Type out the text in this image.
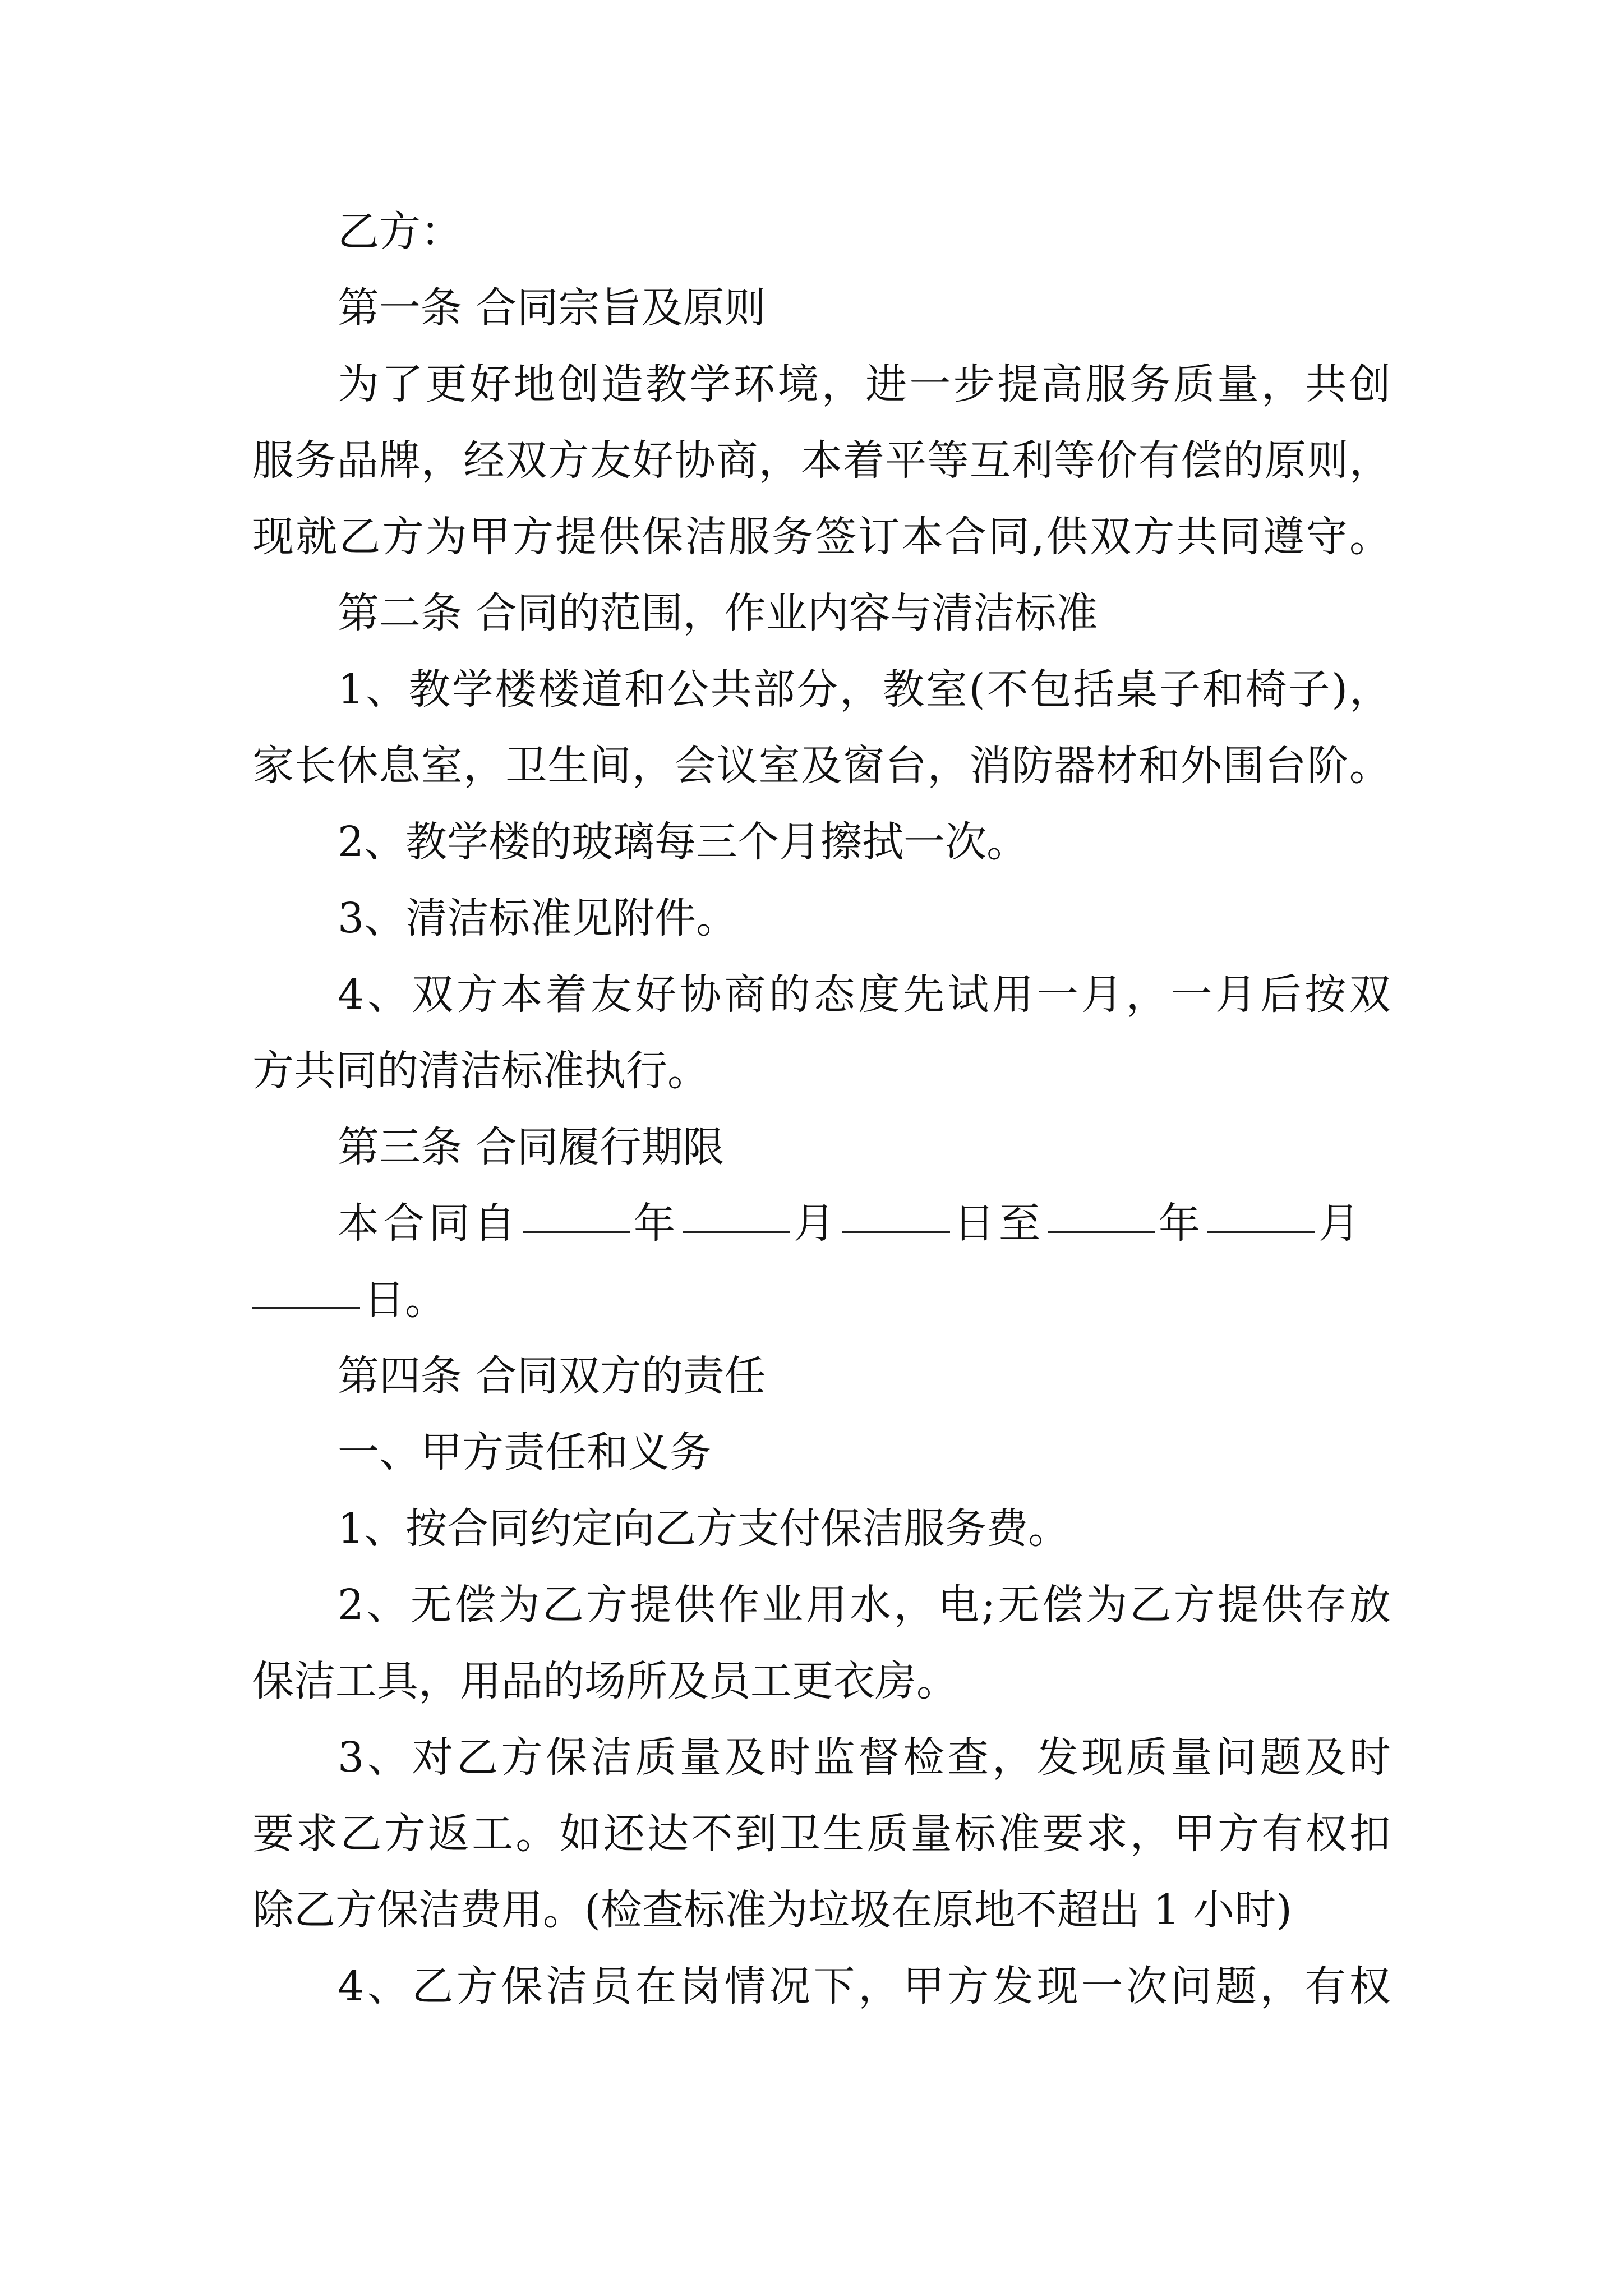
乙方：
第一条 合同宗旨及原则
为 了 更 好 地 创 造 教 学 环 境 ， 进 一 步 提 高 服 务 质 量 ， 共 创
服 务 品 牌 ， 经 双 方 友 好 协 商 ， 本 着 平 等 互 利 等 价 有 偿 的 原 则 ，
现 就 乙 方 为 甲 方 提 供 保 洁 服 务 签 订 本 合 同 , 供 双 方 共 同 遵 守 。
第二条 合同的范围，作业内容与清洁标准
1 、 教 学 楼 楼 道 和 公 共 部 分 ， 教 室 ( 不 包 括 桌 子 和 椅 子 ) ，
家 长 休 息 室 ， 卫 生 间 ， 会 议 室 及 窗 台 ， 消 防 器 材 和 外 围 台 阶 。
2、教学楼的玻璃每三个月擦拭一次。
3、清洁标准见附件。
4 、 双 方 本 着 友 好 协 商 的 态 度 先 试 用 一 月 ， 一 月 后 按 双
方共同的清洁标准执行。
第三条 合同履行期限
本合同自	年	月	日至	年	月
日。
第四条 合同双方的责任
一、甲方责任和义务
1、按合同约定向乙方支付保洁服务费。
2 、 无 偿 为 乙 方 提 供 作 业 用 水 ， 电 ; 无 偿 为 乙 方 提 供 存 放
保洁工具，用品的场所及员工更衣房。
3 、 对 乙 方 保 洁 质 量 及 时 监 督 检 查 ， 发 现 质 量 问 题 及 时
要 求 乙 方 返 工 。 如 还 达 不 到 卫 生 质 量 标 准 要 求 ， 甲 方 有 权 扣
除乙方保洁费用。(检查标准为垃圾在原地不超出 1 小时)
4 、 乙 方 保 洁 员 在 岗 情 况 下 ， 甲 方 发 现 一 次 问 题 ， 有 权
